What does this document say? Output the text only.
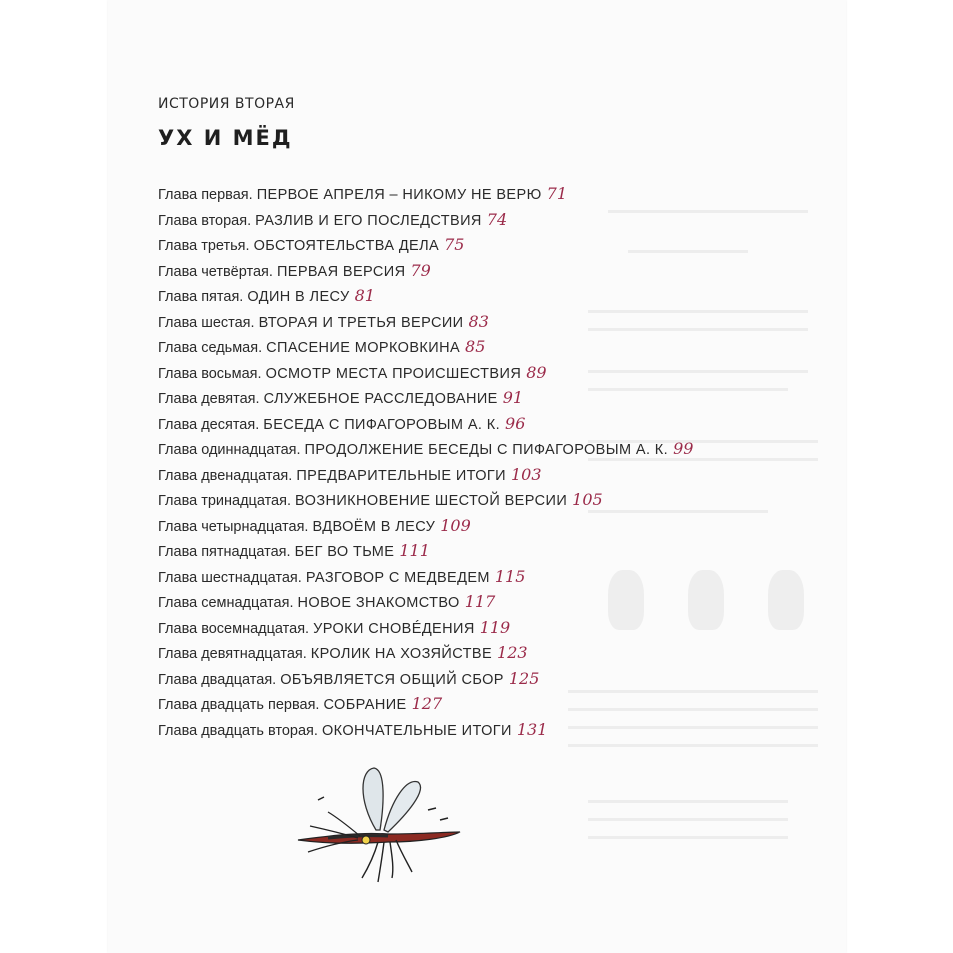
ИСТОРИЯ ВТОРАЯ
УХ И МЁД
Глава первая. ПЕРВОЕ АПРЕЛЯ – НИКОМУ НЕ ВЕРЮ 71
Глава вторая. РАЗЛИВ И ЕГО ПОСЛЕДСТВИЯ 74
Глава третья. ОБСТОЯТЕЛЬСТВА ДЕЛА 75
Глава четвёртая. ПЕРВАЯ ВЕРСИЯ 79
Глава пятая. ОДИН В ЛЕСУ 81
Глава шестая. ВТОРАЯ И ТРЕТЬЯ ВЕРСИИ 83
Глава седьмая. СПАСЕНИЕ МОРКОВКИНА 85
Глава восьмая. ОСМОТР МЕСТА ПРОИСШЕСТВИЯ 89
Глава девятая. СЛУЖЕБНОЕ РАССЛЕДОВАНИЕ 91
Глава десятая. БЕСЕДА С ПИФАГОРОВЫМ А. К. 96
Глава одиннадцатая. ПРОДОЛЖЕНИЕ БЕСЕДЫ С ПИФАГОРОВЫМ А. К. 99
Глава двенадцатая. ПРЕДВАРИТЕЛЬНЫЕ ИТОГИ 103
Глава тринадцатая. ВОЗНИКНОВЕНИЕ ШЕСТОЙ ВЕРСИИ 105
Глава четырнадцатая. ВДВОЁМ В ЛЕСУ 109
Глава пятнадцатая. БЕГ ВО ТЬМЕ 111
Глава шестнадцатая. РАЗГОВОР С МЕДВЕДЕМ 115
Глава семнадцатая. НОВОЕ ЗНАКОМСТВО 117
Глава восемнадцатая. УРОКИ СНОВÉДЕНИЯ 119
Глава девятнадцатая. КРОЛИК НА ХОЗЯЙСТВЕ 123
Глава двадцатая. ОБЪЯВЛЯЕТСЯ ОБЩИЙ СБОР 125
Глава двадцать первая. СОБРАНИЕ 127
Глава двадцать вторая. ОКОНЧАТЕЛЬНЫЕ ИТОГИ 131
